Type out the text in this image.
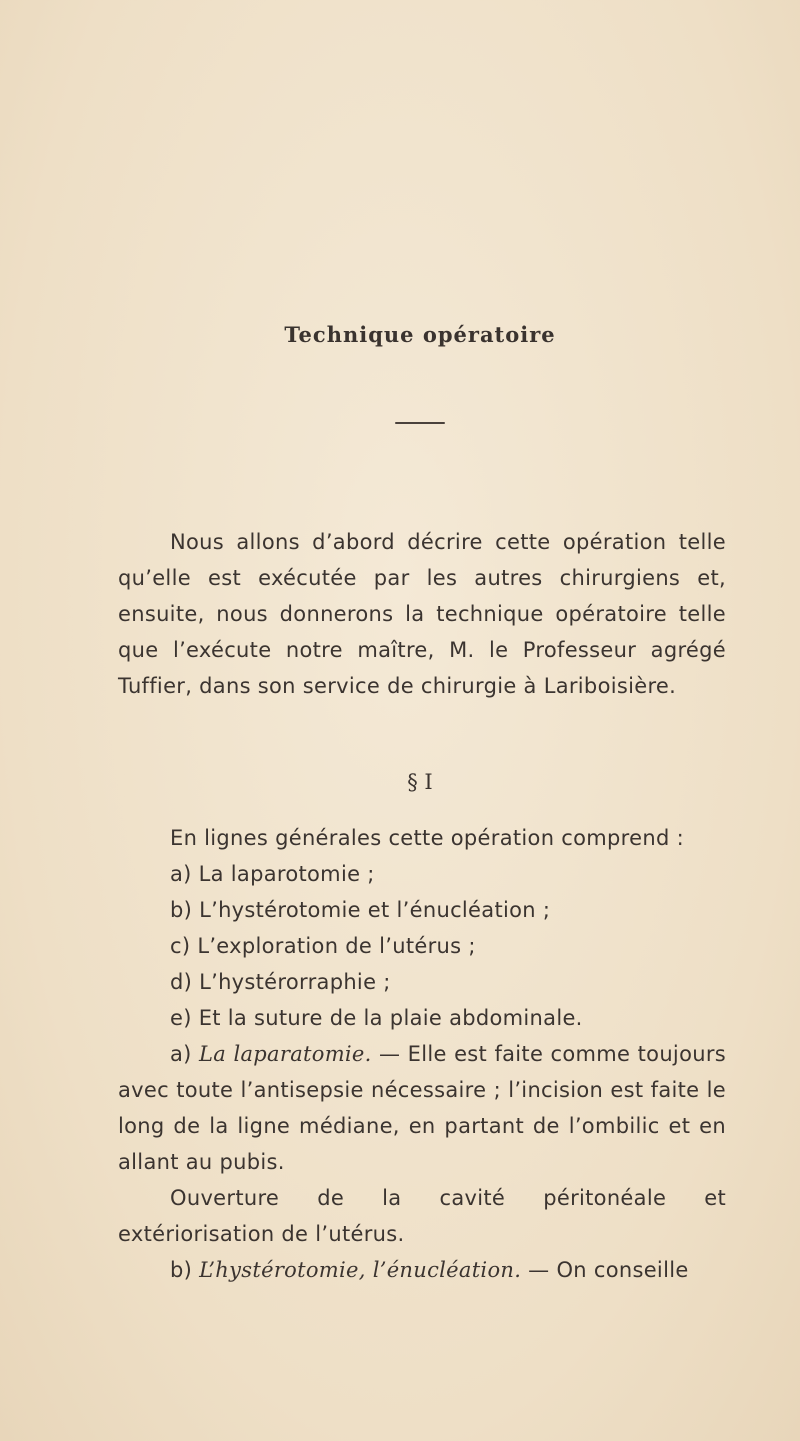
Technique opératoire
Nous allons d’abord décrire cette opération telle qu’elle est exécutée par les autres chirurgiens et, ensuite, nous donnerons la technique opératoire telle que l’exécute notre maître, M. le Professeur agrégé Tuffier, dans son service de chirurgie à Lariboisière.
§ I
En lignes générales cette opération comprend :
a) La laparotomie ;
b) L’hystérotomie et l’énucléation ;
c) L’exploration de l’utérus ;
d) L’hystérorraphie ;
e) Et la suture de la plaie abdominale.
a) La laparatomie. — Elle est faite comme toujours avec toute l’antisepsie nécessaire ; l’incision est faite le long de la ligne médiane, en partant de l’ombilic et en allant au pubis.
Ouverture de la cavité péritonéale et extériorisation de l’utérus.
b) L’hystérotomie, l’énucléation. — On conseille
